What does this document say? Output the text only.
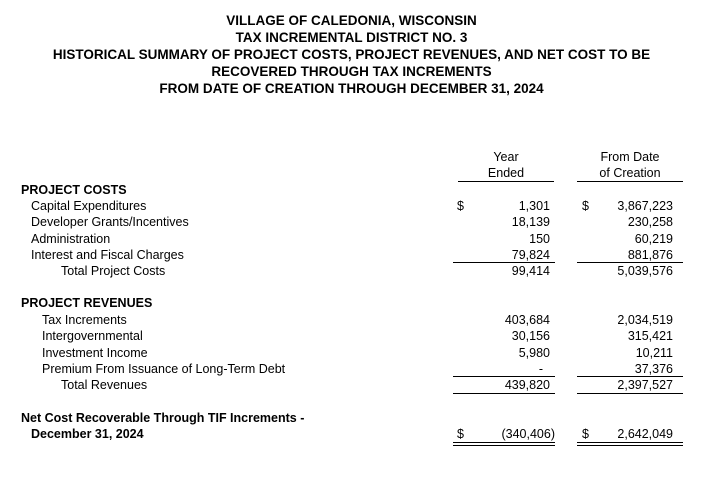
VILLAGE OF CALEDONIA, WISCONSIN
TAX INCREMENTAL DISTRICT NO. 3
HISTORICAL SUMMARY OF PROJECT COSTS, PROJECT REVENUES, AND NET COST TO BE
RECOVERED THROUGH TAX INCREMENTS
FROM DATE OF CREATION THROUGH DECEMBER 31, 2024
Year
Ended
From Date
of Creation
PROJECT COSTS
Capital Expenditures	$	1,301	$	3,867,223
Developer Grants/Incentives	18,139	230,258
Administration	150	60,219
Interest and Fiscal Charges	79,824	881,876
Total Project Costs	99,414	5,039,576
PROJECT REVENUES
Tax Increments	403,684	2,034,519
Intergovernmental	30,156	315,421
Investment Income	5,980	10,211
Premium From Issuance of Long-Term Debt	-	37,376
Total Revenues	439,820	2,397,527
Net Cost Recoverable Through TIF Increments -
December 31, 2024	$	(340,406) $	2,642,049
